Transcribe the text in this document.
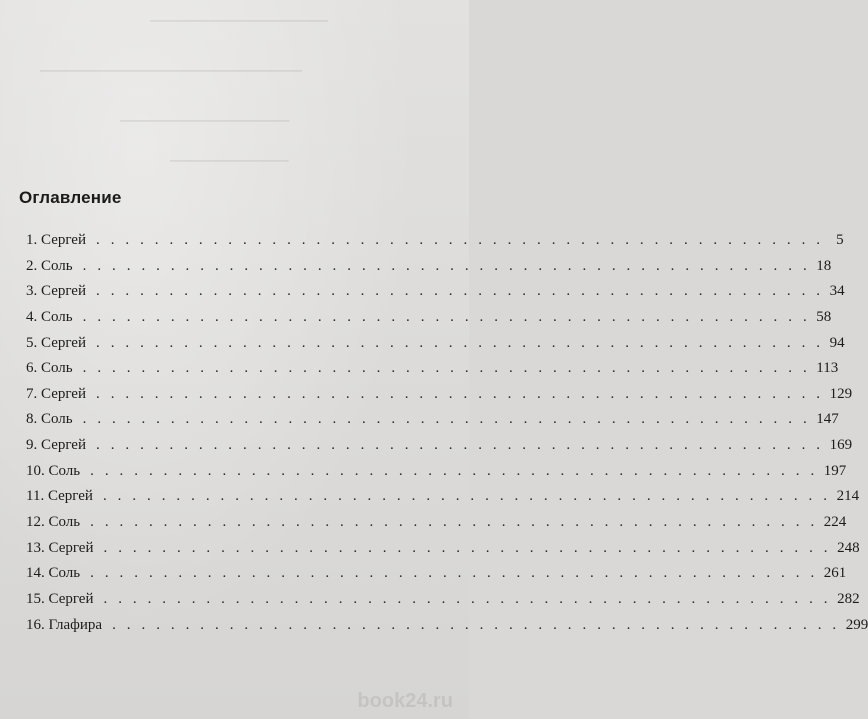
▁▁▁▁▁▁▁▁▁▁▁▁▁▁▁▁▁▁▁▁▁
▁▁▁▁▁▁▁▁▁▁▁▁▁▁▁▁▁▁▁▁▁▁▁▁▁▁▁▁▁▁▁
▁▁▁▁▁▁▁▁▁▁▁▁▁▁▁▁▁▁▁▁
▁▁▁▁▁▁▁▁▁▁▁▁▁▁
Оглавление
1. Сергей . . . . . . . . . . . . . . . . . . . . . . . . . . . . . . . . . . . . . . . . . . . . . . . . . . 5
2. Соль . . . . . . . . . . . . . . . . . . . . . . . . . . . . . . . . . . . . . . . . . . . . . . . . . . 18
3. Сергей . . . . . . . . . . . . . . . . . . . . . . . . . . . . . . . . . . . . . . . . . . . . . . . . . . 34
4. Соль . . . . . . . . . . . . . . . . . . . . . . . . . . . . . . . . . . . . . . . . . . . . . . . . . . 58
5. Сергей . . . . . . . . . . . . . . . . . . . . . . . . . . . . . . . . . . . . . . . . . . . . . . . . . . 94
6. Соль . . . . . . . . . . . . . . . . . . . . . . . . . . . . . . . . . . . . . . . . . . . . . . . . . . 113
7. Сергей . . . . . . . . . . . . . . . . . . . . . . . . . . . . . . . . . . . . . . . . . . . . . . . . . . 129
8. Соль . . . . . . . . . . . . . . . . . . . . . . . . . . . . . . . . . . . . . . . . . . . . . . . . . . 147
9. Сергей . . . . . . . . . . . . . . . . . . . . . . . . . . . . . . . . . . . . . . . . . . . . . . . . . . 169
10. Соль . . . . . . . . . . . . . . . . . . . . . . . . . . . . . . . . . . . . . . . . . . . . . . . . . . 197
11. Сергей . . . . . . . . . . . . . . . . . . . . . . . . . . . . . . . . . . . . . . . . . . . . . . . . . . 214
12. Соль . . . . . . . . . . . . . . . . . . . . . . . . . . . . . . . . . . . . . . . . . . . . . . . . . . 224
13. Сергей . . . . . . . . . . . . . . . . . . . . . . . . . . . . . . . . . . . . . . . . . . . . . . . . . . 248
14. Соль . . . . . . . . . . . . . . . . . . . . . . . . . . . . . . . . . . . . . . . . . . . . . . . . . . 261
15. Сергей . . . . . . . . . . . . . . . . . . . . . . . . . . . . . . . . . . . . . . . . . . . . . . . . . . 282
16. Глафира . . . . . . . . . . . . . . . . . . . . . . . . . . . . . . . . . . . . . . . . . . . . . . . . . . 299
book24.ru
